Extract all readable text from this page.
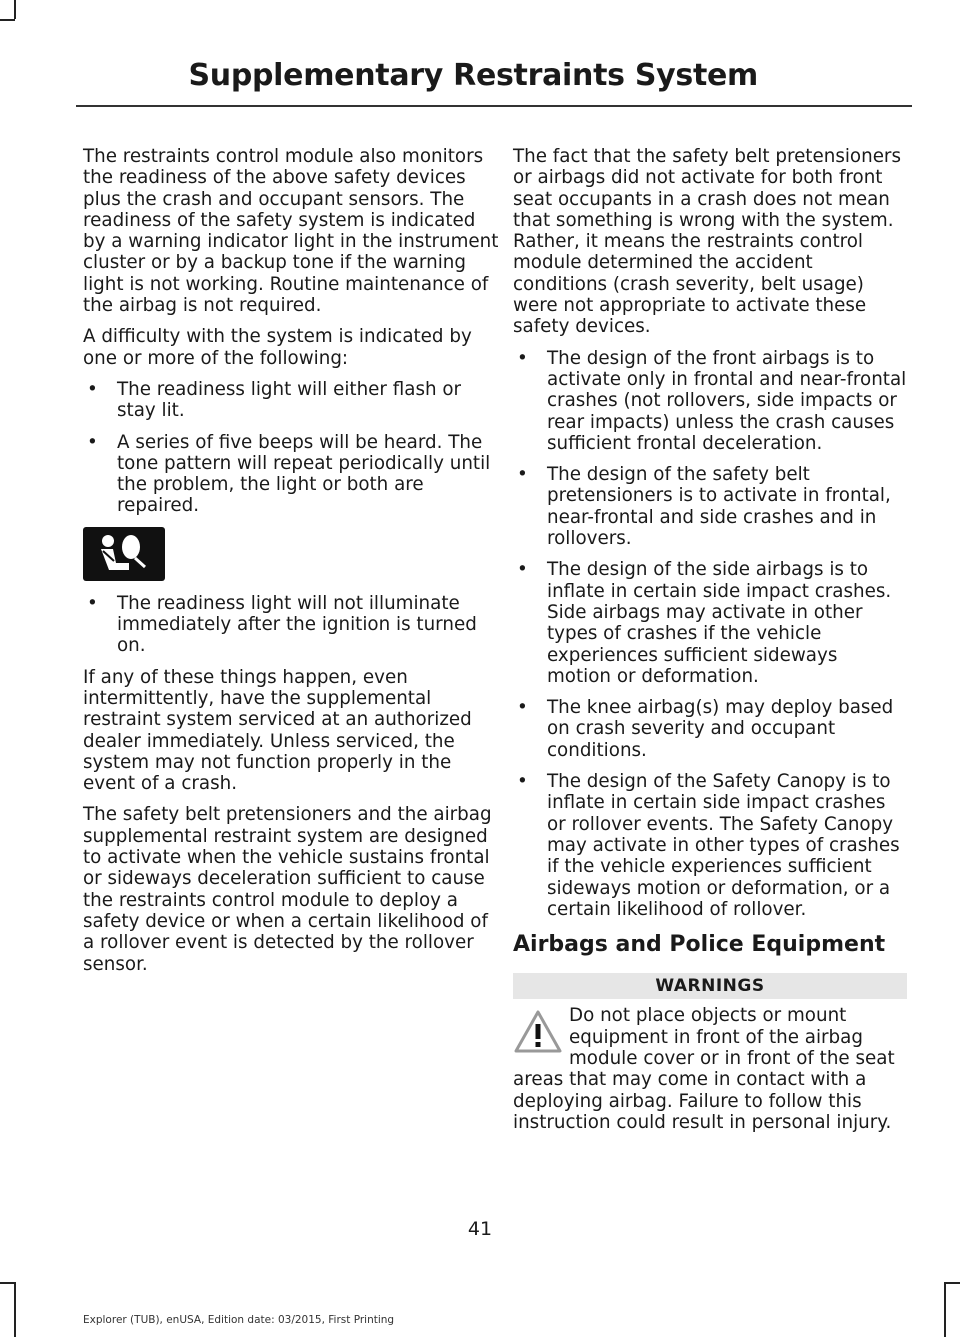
Supplementary Restraints System

The restraints control module also monitors the readiness of the above safety devices plus the crash and occupant sensors. The readiness of the safety system is indicated by a warning indicator light in the instrument cluster or by a backup tone if the warning light is not working. Routine maintenance of the airbag is not required.

A difficulty with the system is indicated by one or more of the following:

• The readiness light will either flash or stay lit.
• A series of five beeps will be heard. The tone pattern will repeat periodically until the problem, the light or both are repaired.
• The readiness light will not illuminate immediately after the ignition is turned on.

If any of these things happen, even intermittently, have the supplemental restraint system serviced at an authorized dealer immediately. Unless serviced, the system may not function properly in the event of a crash.

The safety belt pretensioners and the airbag supplemental restraint system are designed to activate when the vehicle sustains frontal or sideways deceleration sufficient to cause the restraints control module to deploy a safety device or when a certain likelihood of a rollover event is detected by the rollover sensor.

The fact that the safety belt pretensioners or airbags did not activate for both front seat occupants in a crash does not mean that something is wrong with the system. Rather, it means the restraints control module determined the accident conditions (crash severity, belt usage) were not appropriate to activate these safety devices.

• The design of the front airbags is to activate only in frontal and near-frontal crashes (not rollovers, side impacts or rear impacts) unless the crash causes sufficient frontal deceleration.
• The design of the safety belt pretensioners is to activate in frontal, near-frontal and side crashes and in rollovers.
• The design of the side airbags is to inflate in certain side impact crashes. Side airbags may activate in other types of crashes if the vehicle experiences sufficient sideways motion or deformation.
• The knee airbag(s) may deploy based on crash severity and occupant conditions.
• The design of the Safety Canopy is to inflate in certain side impact crashes or rollover events. The Safety Canopy may activate in other types of crashes if the vehicle experiences sufficient sideways motion or deformation, or a certain likelihood of rollover.
Airbags and Police Equipment
WARNINGS
Do not place objects or mount equipment in front of the airbag module cover or in front of the seat areas that may come in contact with a deploying airbag. Failure to follow this instruction could result in personal injury.
41
Explorer (TUB), enUSA, Edition date: 03/2015, First Printing
